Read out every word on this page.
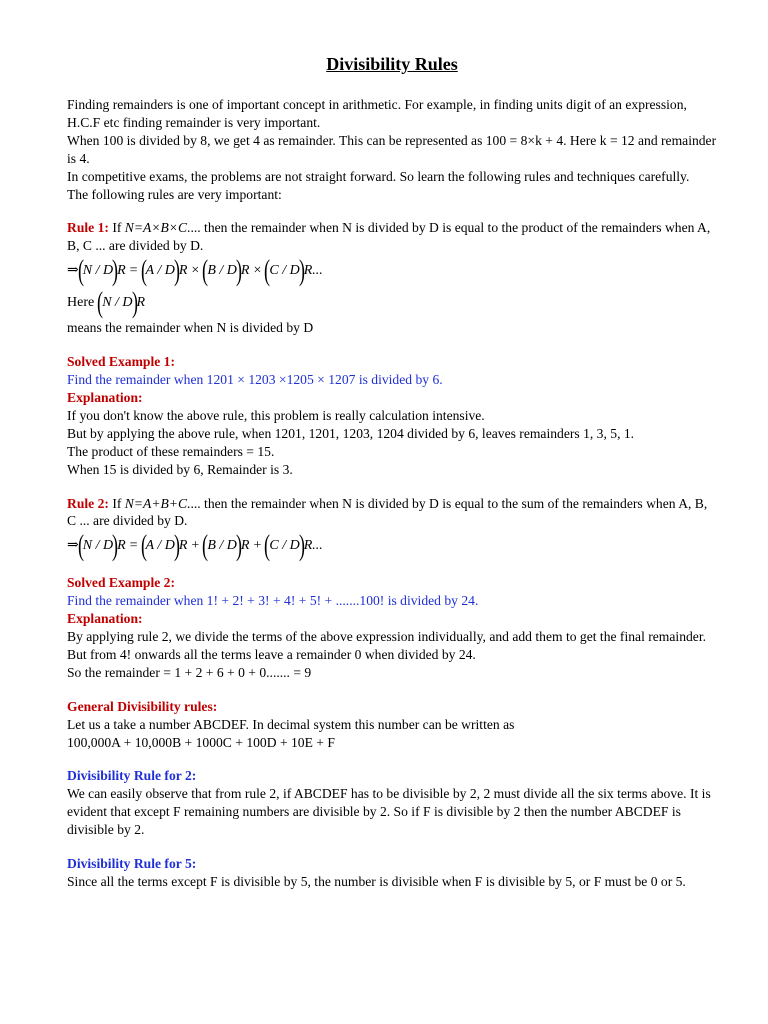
Divisibility Rules

Finding remainders is one of important concept in arithmetic. For example, in finding units digit of an expression, H.C.F etc finding remainder is very important.

When 100 is divided by 8, we get 4 as remainder. This can be represented as 100 = 8×k + 4. Here k = 12 and remainder is 4.

In competitive exams, the problems are not straight forward. So learn the following rules and techniques carefully.

The following rules are very important:

Rule 1: If N=A×B×C.... then the remainder when N is divided by D is equal to the product of the remainders when A, B, C ... are divided by D.

⇒ ( N / D ) R = ( A / D ) R × ( B / D ) R × ( C / D ) R...
Here ( N / D ) R

means the remainder when N is divided by D

Solved Example 1:

Find the remainder when 1201 × 1203 ×1205 × 1207 is divided by 6.

Explanation:

If you don't know the above rule, this problem is really calculation intensive.

But by applying the above rule, when 1201, 1201, 1203, 1204 divided by 6, leaves remainders 1, 3, 5, 1.

The product of these remainders = 15.

When 15 is divided by 6, Remainder is 3.

Rule 2: If N=A+B+C.... then the remainder when N is divided by D is equal to the sum of the remainders when A, B, C ... are divided by D.

⇒ ( N / D ) R = ( A / D ) R + ( B / D ) R + ( C / D ) R...

Solved Example 2:

Find the remainder when 1! + 2! + 3! + 4! + 5! + .......100! is divided by 24.

Explanation:

By applying rule 2, we divide the terms of the above expression individually, and add them to get the final remainder. But from 4! onwards all the terms leave a remainder 0 when divided by 24.

So the remainder = 1 + 2 + 6 + 0 + 0....... = 9

General Divisibility rules:

Let us a take a number ABCDEF. In decimal system this number can be written as

100,000A + 10,000B + 1000C + 100D + 10E + F

Divisibility Rule for 2:

We can easily observe that from rule 2, if ABCDEF has to be divisible by 2, 2 must divide all the six terms above. It is evident that except F remaining numbers are divisible by 2. So if F is divisible by 2 then the number ABCDEF is divisible by 2.

Divisibility Rule for 5:

Since all the terms except F is divisible by 5, the number is divisible when F is divisible by 5, or F must be 0 or 5.
